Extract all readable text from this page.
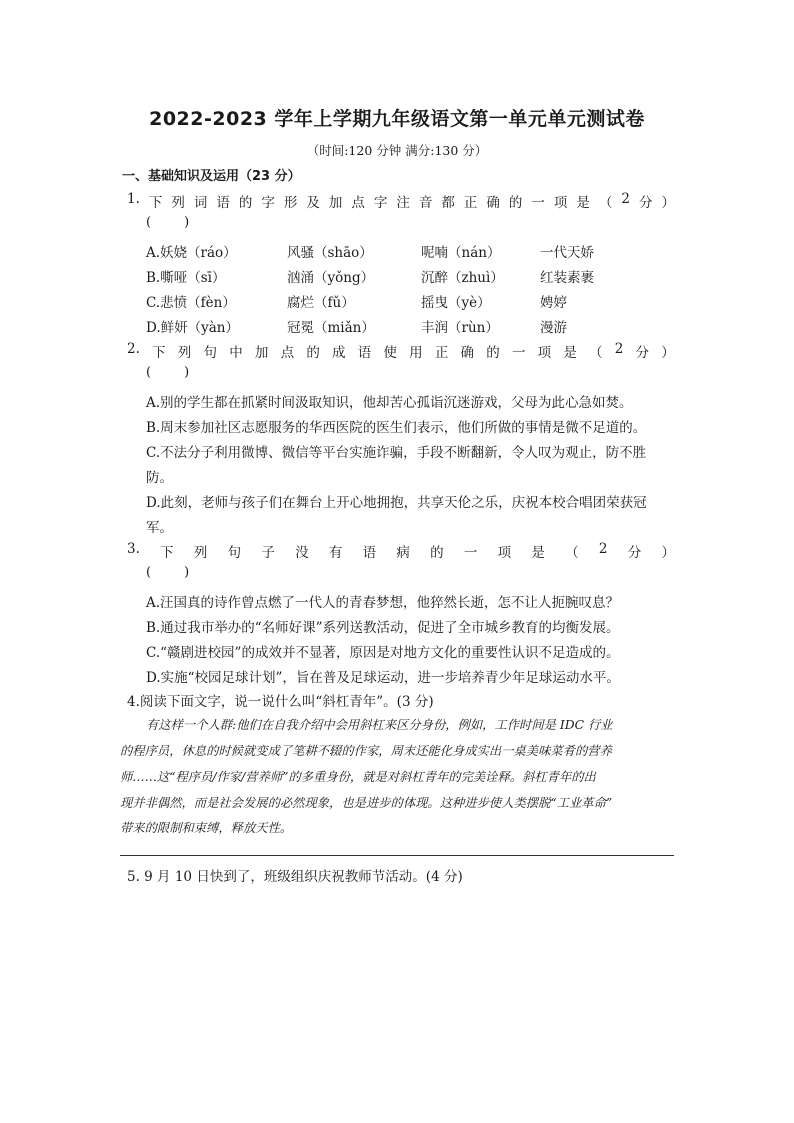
2022-2023 学年上学期九年级语文第一单元单元测试卷
（时间:120 分钟 满分:130 分）
一、基础知识及运用（23 分）
1. 下 列 词 语 的 字 形 及 加 点 字 注 音 都 正 确 的 一 项 是 （ 2 分 ）
(        )
A.妖娆（ráo）	风骚（shāo）	呢喃（nán）	一代天娇
B.嘶哑（sī）	汹涌（yǒng）	沉醉（zhuì）	红装素裹
C.悲愤（fèn）	腐烂（fǔ）	摇曳（yè）	娉婷
D.鲜妍（yàn）	冠冕（miǎn）	丰润（rùn）	漫游
2. 下 列 句 中 加 点 的 成 语 使 用 正 确 的 一 项 是 （ 2 分 ）
(        )
A.别的学生都在抓紧时间汲取知识，他却苦心孤诣沉迷游戏，父母为此心急如焚。
B.周末参加社区志愿服务的华西医院的医生们表示，他们所做的事情是微不足道的。
C.不法分子利用微博、微信等平台实施诈骗，手段不断翻新，令人叹为观止，防不胜
防。
D.此刻，老师与孩子们在舞台上开心地拥抱，共享天伦之乐，庆祝本校合唱团荣获冠
军。
3. 下 列 句 子 没 有 语 病 的 一 项 是 （ 2 分 ）
(        )
A.汪国真的诗作曾点燃了一代人的青春梦想，他猝然长逝，怎不让人扼腕叹息？
B.通过我市举办的“名师好课”系列送教活动，促进了全市城乡教育的均衡发展。
C.“赣剧进校园”的成效并不显著，原因是对地方文化的重要性认识不足造成的。
D.实施“校园足球计划”，旨在普及足球运动，进一步培养青少年足球运动水平。
4.阅读下面文字，说一说什么叫“斜杠青年”。(3 分)
有这样一个人群:他们在自我介绍中会用斜杠来区分身份，例如，工作时间是 IDC 行业
的程序员，休息的时候就变成了笔耕不辍的作家，周末还能化身成实出一桌美味菜肴的营养
师……这“程序员/作家/营养师”的多重身份，就是对斜杠青年的完美诠释。斜杠青年的出
现并非偶然，而是社会发展的必然现象，也是进步的体现。这种进步使人类摆脱“工业革命”
带来的限制和束缚，释放天性。
5. 9 月 10 日快到了，班级组织庆祝教师节活动。(4 分)
